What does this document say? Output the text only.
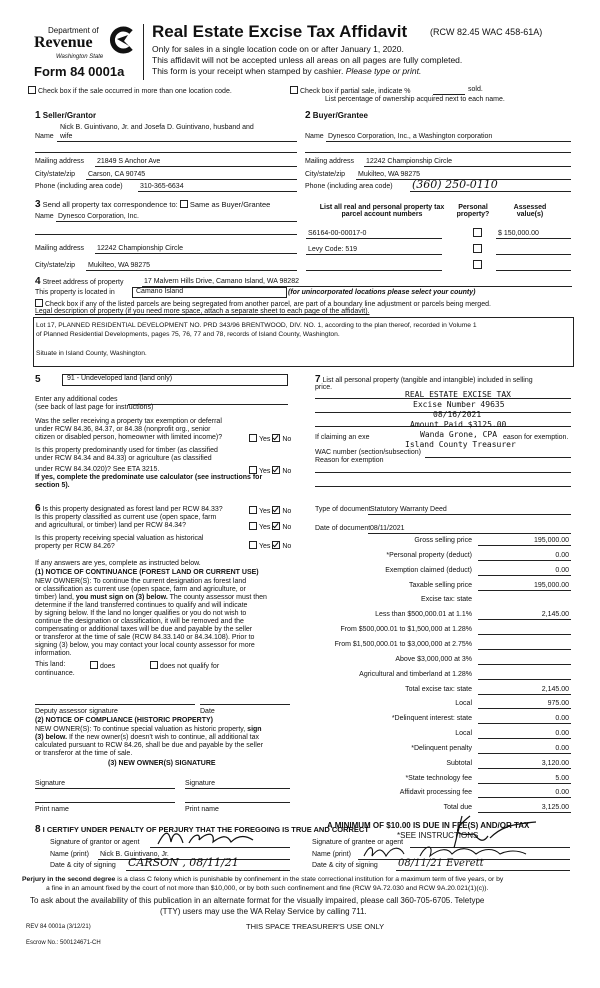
Department of
Revenue
Washington State
Form 84 0001a
Real Estate Excise Tax Affidavit	(RCW 82.45 WAC 458-61A)
Only for sales in a single location code on or after January 1, 2020.
This affidavit will not be accepted unless all areas on all pages are fully completed.
This form is your receipt when stamped by cashier. Please type or print.
Check box if the sale occurred in more than one location code.	Check box if partial sale, indicate %	sold.
List percentage of ownership acquired next to each name.
1 Seller/Grantor
Nick B. Guintivano, Jr. and Josefa D. Guintivano, husband and
Name wife
Mailing address 21849 S Anchor Ave
City/state/zip Carson, CA 90745
Phone (including area code) 310-365-6634
2 Buyer/Grantee
Name Dynesco Corporation, Inc., a Washington corporation
Mailing address 12242 Championship Circle
City/state/zip Mukilteo, WA 98275
Phone (including area code) (360) 250-0110
3 Send all property tax correspondence to: Same as Buyer/Grantee
Name Dynesco Corporation, Inc.
Mailing address 12242 Championship Circle
City/state/zip Mukilteo, WA 98275
List all real and personal property tax
parcel account numbers
Personal
property?
Assessed
value(s)
S6164-00-00017-0	$ 150,000.00
Levy Code: 519
4 Street address of property	17 Malvern Hills Drive, Camano Island, WA 98282
This property is located in	Camano Island	(for unincorporated locations please select your county)
Check box if any of the listed parcels are being segregated from another parcel, are part of a boundary line adjustment or parcels being merged.
Legal description of property (if you need more space, attach a separate sheet to each page of the affidavit).
Lot 17, PLANNED RESIDENTIAL DEVELOPMENT NO. PRD 343/96 BRENTWOOD, DIV. NO. 1, according to the plan thereof, recorded in Volume 1
of Planned Residential Developments, pages 75, 76, 77 and 78, records of Island County, Washington.
Situate in Island County, Washington.
5	91 - Undeveloped land (land only)
Enter any additional codes
(see back of last page for instructions)
Was the seller receiving a property tax exemption or deferral
under RCW 84.36, 84.37, or 84.38 (nonprofit org., senior
citizen or disabled person, homeowner with limited income)?	Yes No
Is this property predominantly used for timber (as classified
under RCW 84.34 and 84.33) or agriculture (as classified
under RCW 84.34.020)? See ETA 3215.	Yes No
If yes, complete the predominate use calculator (see instructions for
section 5).
7 List all personal property (tangible and intangible) included in selling
price.
REAL ESTATE EXCISE TAX
Excise Number 49635
08/16/2021
Amount Paid $3125.00
Wanda Grone, CPA
Island County Treasurer
If claiming an exe	eason for exemption.
WAC number (section/subsection)
Reason for exemption
6 Is this property designated as forest land per RCW 84.33?	Yes No
Is this property classified as current use (open space, farm
and agricultural, or timber) land per RCW 84.34?	Yes No
Is this property receiving special valuation as historical
property per RCW 84.26?	Yes No
If any answers are yes, complete as instructed below.
(1) NOTICE OF CONTINUANCE (FOREST LAND OR CURRENT USE)
NEW OWNER(S): To continue the current designation as forest land
or classification as current use (open space, farm and agriculture, or
timber) land, you must sign on (3) below. The county assessor must then
determine if the land transferred continues to qualify and will indicate
by signing below. If the land no longer qualifies or you do not wish to
continue the designation or classification, it will be removed and the
compensating or additional taxes will be due and payable by the seller
or transferor at the time of sale (RCW 84.33.140 or 84.34.108). Prior to
signing (3) below, you may contact your local county assessor for more
information.
This land:	does	does not qualify for
continuance.
Deputy assessor signature	Date
(2) NOTICE OF COMPLIANCE (HISTORIC PROPERTY)
NEW OWNER(S): To continue special valuation as historic property, sign
(3) below. If the new owner(s) doesn't wish to continue, all additional tax
calculated pursuant to RCW 84.26, shall be due and payable by the seller
or transferor at the time of sale.
(3) NEW OWNER(S) SIGNATURE
Signature	Signature
Print name	Print name
Type of document Statutory Warranty Deed
Date of document 08/11/2021
Gross selling price	195,000.00
*Personal property (deduct)	0.00
Exemption claimed (deduct)	0.00
Taxable selling price	195,000.00
Excise tax: state
Less than $500,000.01 at 1.1%	2,145.00
From $500,000.01 to $1,500,000 at 1.28%
From $1,500,000.01 to $3,000,000 at 2.75%
Above $3,000,000 at 3%
Agricultural and timberland at 1.28%
Total excise tax: state	2,145.00
Local	975.00
*Delinquent interest: state	0.00
Local	0.00
*Delinquent penalty	0.00
Subtotal	3,120.00
*State technology fee	5.00
Affidavit processing fee	0.00
Total due	3,125.00
A MINIMUM OF $10.00 IS DUE IN FEE(S) AND/OR TAX
*SEE INSTRUCTIONS
8 I CERTIFY UNDER PENALTY OF PERJURY THAT THE FOREGOING IS TRUE AND CORRECT
Signature of grantor or agent
Name (print) Nick B. Guintivano, Jr.
Date & city of signing CARSON , 08/11/21
Signature of grantee or agent
Name (print)
Date & city of signing 08/11/21 Everett
Perjury in the second degree is a class C felony which is punishable by confinement in the state correctional institution for a maximum term of five years, or by
a fine in an amount fixed by the court of not more than $10,000, or by both such confinement and fine (RCW 9A.72.030 and RCW 9A.20.021(1)(c)).
To ask about the availability of this publication in an alternate format for the visually impaired, please call 360-705-6705. Teletype
(TTY) users may use the WA Relay Service by calling 711.
REV 84 0001a (3/12/21)	THIS SPACE TREASURER'S USE ONLY
Escrow No.: 500124671-CH
